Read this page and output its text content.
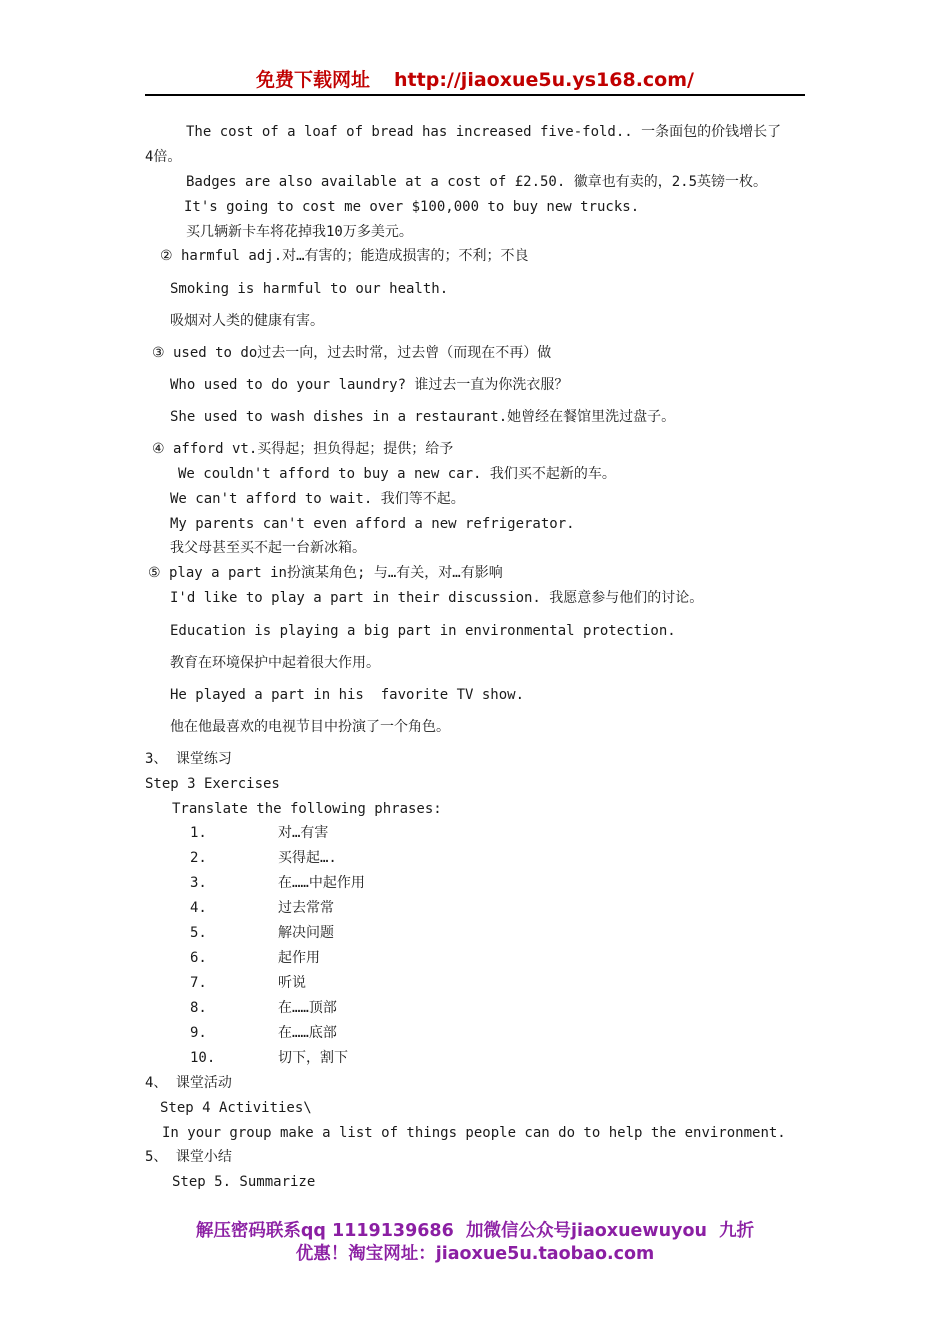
免费下载网址 http://jiaoxue5u.ys168.com/
The cost of a loaf of bread has increased five-fold.. 一条面包的价钱增长了
4倍。
Badges are also available at a cost of £2.50. 徽章也有卖的，2.5英镑一枚。
It's going to cost me over $100,000 to buy new trucks.
买几辆新卡车将花掉我10万多美元。
② harmful adj.对…有害的；能造成损害的；不利；不良
Smoking is harmful to our health.
吸烟对人类的健康有害。
③ used to do过去一向，过去时常，过去曾（而现在不再）做
Who used to do your laundry? 谁过去一直为你洗衣服？
She used to wash dishes in a restaurant.她曾经在餐馆里洗过盘子。
④ afford vt.买得起；担负得起；提供；给予
We couldn't afford to buy a new car. 我们买不起新的车。
We can't afford to wait. 我们等不起。
My parents can't even afford a new refrigerator.
我父母甚至买不起一台新冰箱。
⑤ play a part in扮演某角色; 与…有关，对…有影响
I'd like to play a part in their discussion. 我愿意参与他们的讨论。
Education is playing a big part in environmental protection.
教育在环境保护中起着很大作用。
He played a part in his  favorite TV show.
他在他最喜欢的电视节目中扮演了一个角色。
3、 课堂练习
Step 3 Exercises
Translate the following phrases:
1.	对…有害
2.	买得起….
3.	在……中起作用
4.	过去常常
5.	解决问题
6.	起作用
7.	听说
8.	在……顶部
9.	在……底部
10.	切下，割下
4、 课堂活动
Step 4 Activities\
In your group make a list of things people can do to help the environment.
5、 课堂小结
Step 5. Summarize
解压密码联系qq 1119139686  加微信公众号jiaoxuewuyou  九折
优惠！淘宝网址：jiaoxue5u.taobao.com
